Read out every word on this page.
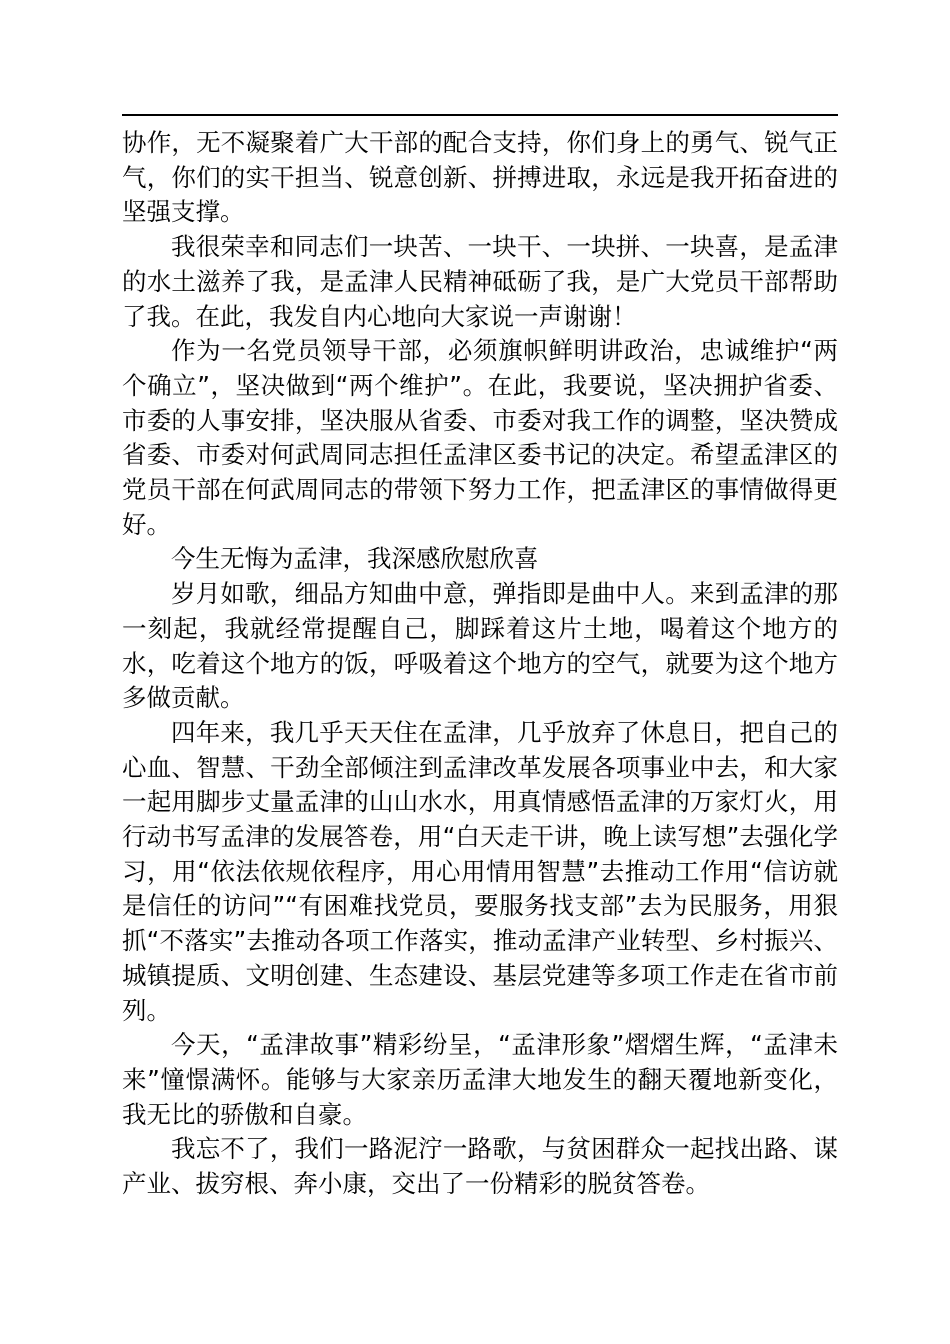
协作，无不凝聚着广大干部的配合支持，你们身上的勇气、锐气正气，你们的实干担当、锐意创新、拼搏进取，永远是我开拓奋进的坚强支撑。

我很荣幸和同志们一块苦、一块干、一块拼、一块喜，是孟津的水土滋养了我，是孟津人民精神砥砺了我，是广大党员干部帮助了我。在此，我发自内心地向大家说一声谢谢！

作为一名党员领导干部，必须旗帜鲜明讲政治，忠诚维护“两个确立”，坚决做到“两个维护”。在此，我要说，坚决拥护省委、市委的人事安排，坚决服从省委、市委对我工作的调整，坚决赞成省委、市委对何武周同志担任孟津区委书记的决定。希望孟津区的党员干部在何武周同志的带领下努力工作，把孟津区的事情做得更好。

今生无悔为孟津，我深感欣慰欣喜

岁月如歌，细品方知曲中意，弹指即是曲中人。来到孟津的那一刻起，我就经常提醒自己，脚踩着这片土地，喝着这个地方的水，吃着这个地方的饭，呼吸着这个地方的空气，就要为这个地方多做贡献。

四年来，我几乎天天住在孟津，几乎放弃了休息日，把自己的心血、智慧、干劲全部倾注到孟津改革发展各项事业中去，和大家一起用脚步丈量孟津的山山水水，用真情感悟孟津的万家灯火，用行动书写孟津的发展答卷，用“白天走干讲，晚上读写想”去强化学习，用“依法依规依程序，用心用情用智慧”去推动工作用“信访就是信任的访问”“有困难找党员，要服务找支部”去为民服务，用狠抓“不落实”去推动各项工作落实，推动孟津产业转型、乡村振兴、城镇提质、文明创建、生态建设、基层党建等多项工作走在省市前列。

今天，“孟津故事”精彩纷呈，“孟津形象”熠熠生辉，“孟津未来”憧憬满怀。能够与大家亲历孟津大地发生的翻天覆地新变化，我无比的骄傲和自豪。

我忘不了，我们一路泥泞一路歌，与贫困群众一起找出路、谋产业、拔穷根、奔小康，交出了一份精彩的脱贫答卷。
